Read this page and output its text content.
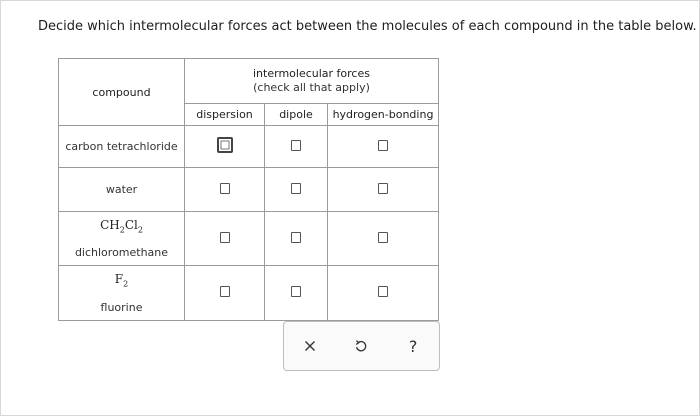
Decide which intermolecular forces act between the molecules of each compound in the table below.
compound	intermolecular forces
(check all that apply)		

	dispersion	dipole	hydrogen-bonding
carbon tetrachloride			
water			

$CH_2Cl_2$
dichloromethane			

$F_2$
fluorine			

?
